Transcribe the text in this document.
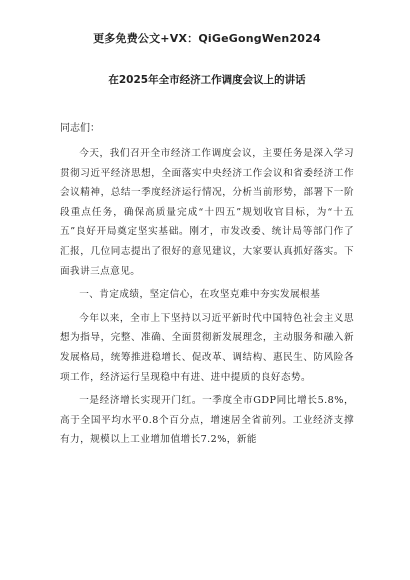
更多免费公文+VX：QiGeGongWen2024
在2025年全市经济工作调度会议上的讲话
同志们：

今天，我们召开全市经济工作调度会议，主要任务是深入学习贯彻习近平经济思想，全面落实中央经济工作会议和省委经济工作会议精神，总结一季度经济运行情况，分析当前形势，部署下一阶段重点任务，确保高质量完成“十四五”规划收官目标，为“十五五”良好开局奠定坚实基础。刚才，市发改委、统计局等部门作了汇报，几位同志提出了很好的意见建议，大家要认真抓好落实。下面我讲三点意见。

一、肯定成绩，坚定信心，在攻坚克难中夯实发展根基

今年以来，全市上下坚持以习近平新时代中国特色社会主义思想为指导，完整、准确、全面贯彻新发展理念，主动服务和融入新发展格局，统筹推进稳增长、促改革、调结构、惠民生、防风险各项工作，经济运行呈现稳中有进、进中提质的良好态势。

一是经济增长实现开门红。一季度全市GDP同比增长5.8%，高于全国平均水平0.8个百分点，增速居全省前列。工业经济支撑有力，规模以上工业增加值增长7.2%，新能
